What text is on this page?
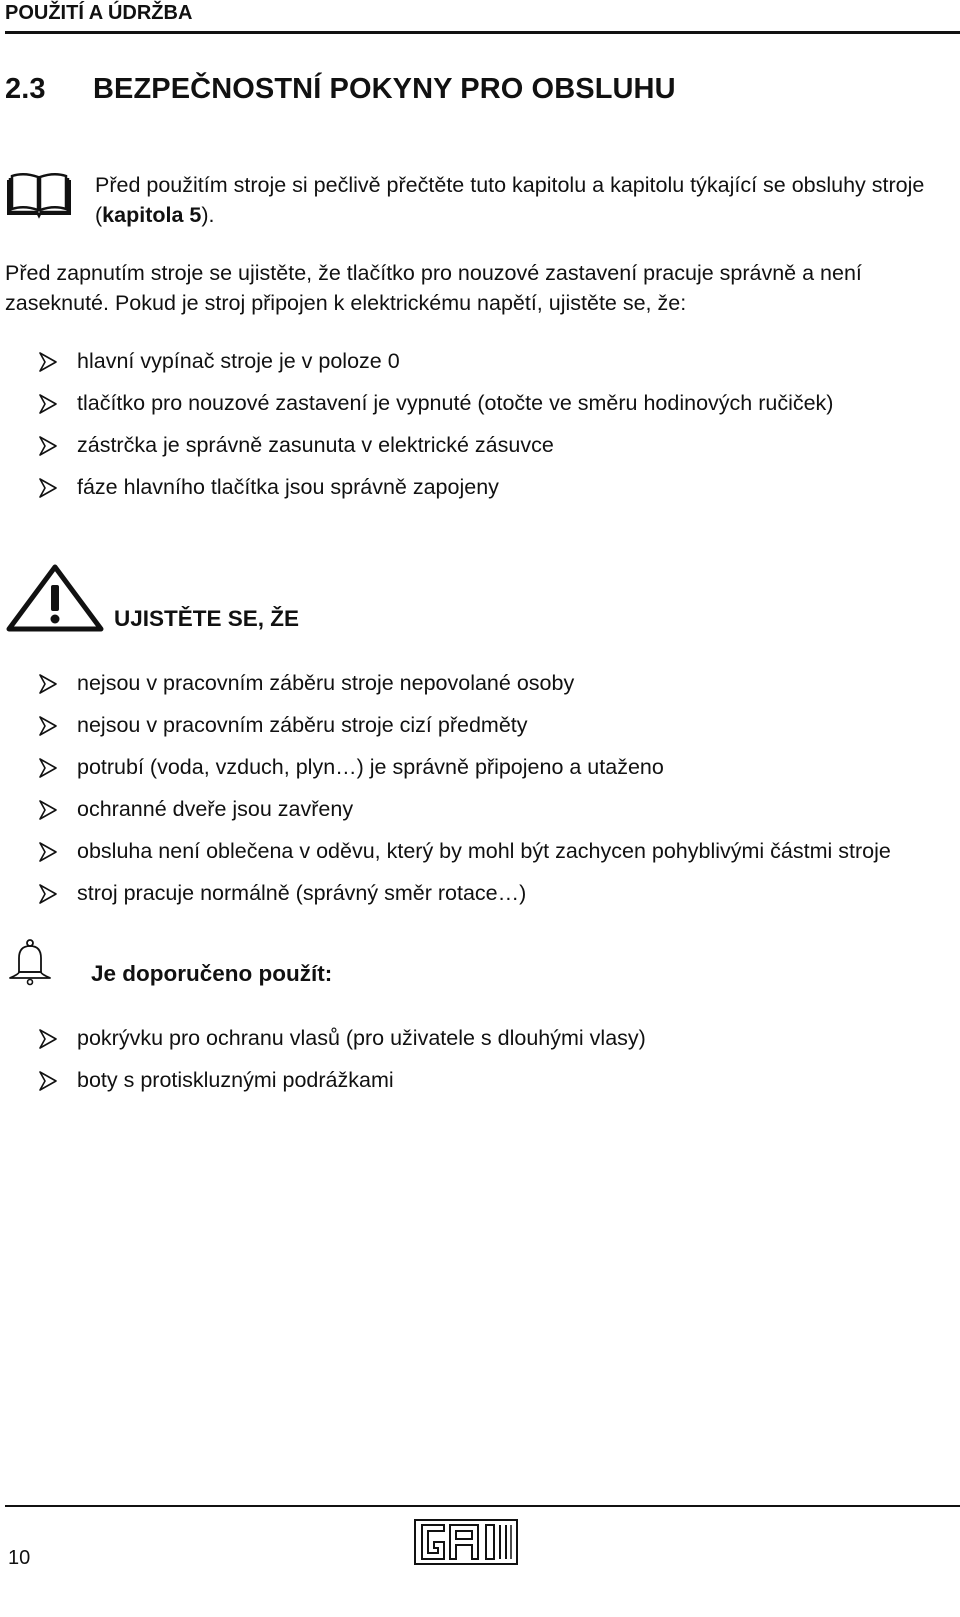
POUŽITÍ A ÚDRŽBA
2.3 BEZPEČNOSTNÍ POKYNY PRO OBSLUHU
Před použitím stroje si pečlivě přečtěte tuto kapitolu a kapitolu týkající se obsluhy stroje (kapitola 5).
Před zapnutím stroje se ujistěte, že tlačítko pro nouzové zastavení pracuje správně a není zaseknuté. Pokud je stroj připojen k elektrickému napětí, ujistěte se, že:
hlavní vypínač stroje je v poloze 0
tlačítko pro nouzové zastavení je vypnuté (otočte ve směru hodinových ručiček)
zástrčka je správně zasunuta v elektrické zásuvce
fáze hlavního tlačítka jsou správně zapojeny
UJISTĚTE SE, ŽE
nejsou v pracovním záběru stroje nepovolané osoby
nejsou v pracovním záběru stroje cizí předměty
potrubí (voda, vzduch, plyn…) je správně připojeno a utaženo
ochranné dveře jsou zavřeny
obsluha není oblečena v oděvu, který by mohl být zachycen pohyblivými částmi stroje
stroj pracuje normálně (správný směr rotace…)
Je doporučeno použít:
pokrývku pro ochranu vlasů (pro uživatele s dlouhými vlasy)
boty s protiskluznými podrážkami
10
